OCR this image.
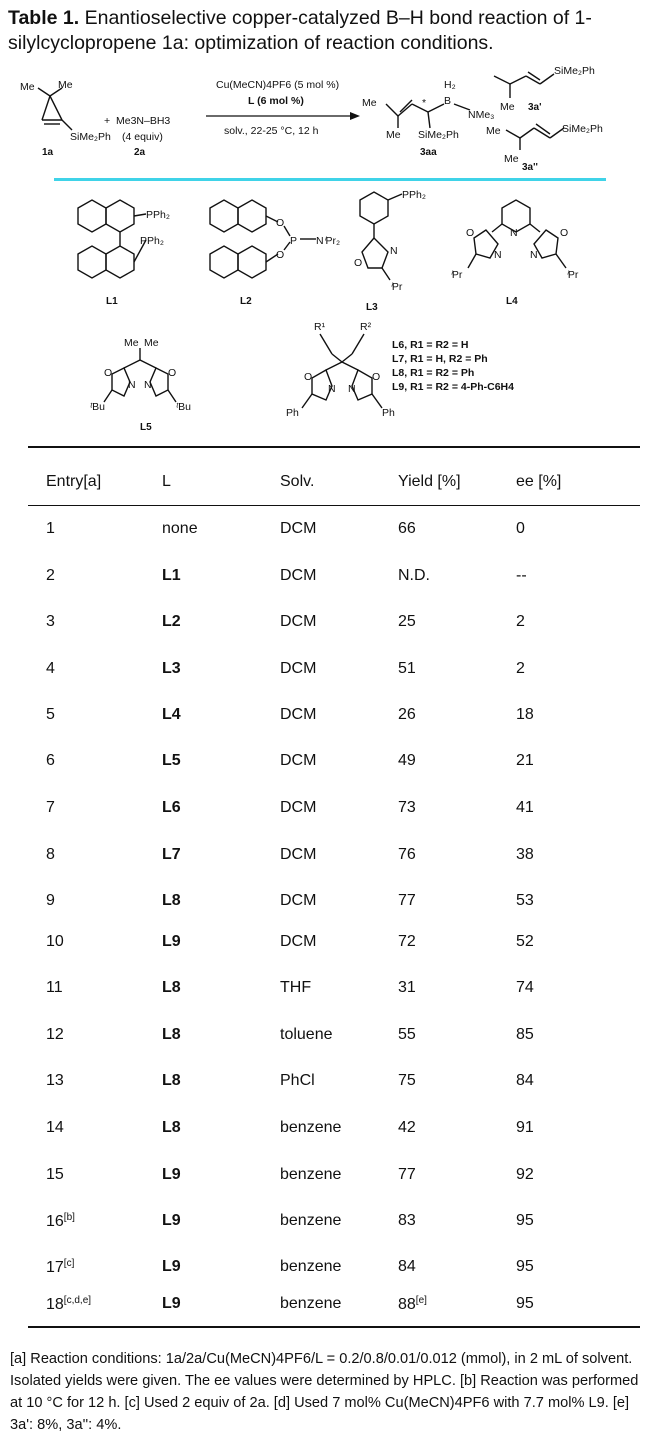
Table 1. Enantioselective copper-catalyzed B–H bond reaction of 1-silylcyclopropene 1a: optimization of reaction conditions.
Me Me
SiMe₂Ph
1a
+ Me3N–BH3
(4 equiv)
2a
Cu(MeCN)4PF6 (5 mol %)
L (6 mol %)
solv., 22-25 °C, 12 h
Me
Me SiMe₂Ph
*
H₂
B
NMe₃
3aa
Me
SiMe₂Ph
3a'
Me
Me
SiMe₂Ph
3a''
PPh₂
PPh₂
L1
O
O
P NⁱPr₂
L2
PPh₂
O
N
ⁱPr
L3
N
O	O
N	N
ⁱPr	ⁱPr
L4
Me Me
O	O
N N
ᵗBu	ᵗBu
L5
R¹	R²
O	O
N N
Ph	Ph
L6, R1 = R2 = H
L7, R1 = H, R2 = Ph
L8, R1 = R2 = Ph
L9, R1 = R2 = 4-Ph-C6H4
Entry[a]	L	Solv.	Yield [%]	ee [%]
1	none	DCM	66	0
2	L1	DCM	N.D.	--
3	L2	DCM	25	2
4	L3	DCM	51	2
5	L4	DCM	26	18
6	L5	DCM	49	21
7	L6	DCM	73	41
8	L7	DCM	76	38
9	L8	DCM	77	53
10	L9	DCM	72	52
11	L8	THF	31	74
12	L8	toluene	55	85
13	L8	PhCl	75	84
14	L8	benzene	42	91
15	L9	benzene	77	92
16[b]	L9	benzene	83	95
17[c]	L9	benzene	84	95
18[c,d,e]	L9	benzene	88[e]	95
[a] Reaction conditions: 1a/2a/Cu(MeCN)4PF6/L = 0.2/0.8/0.01/0.012 (mmol), in 2 mL of solvent. Isolated yields were given. The ee values were determined by HPLC. [b] Reaction was performed at 10 °C for 12 h. [c] Used 2 equiv of 2a. [d] Used 7 mol% Cu(MeCN)4PF6 with 7.7 mol% L9. [e] 3a': 8%, 3a'': 4%.
